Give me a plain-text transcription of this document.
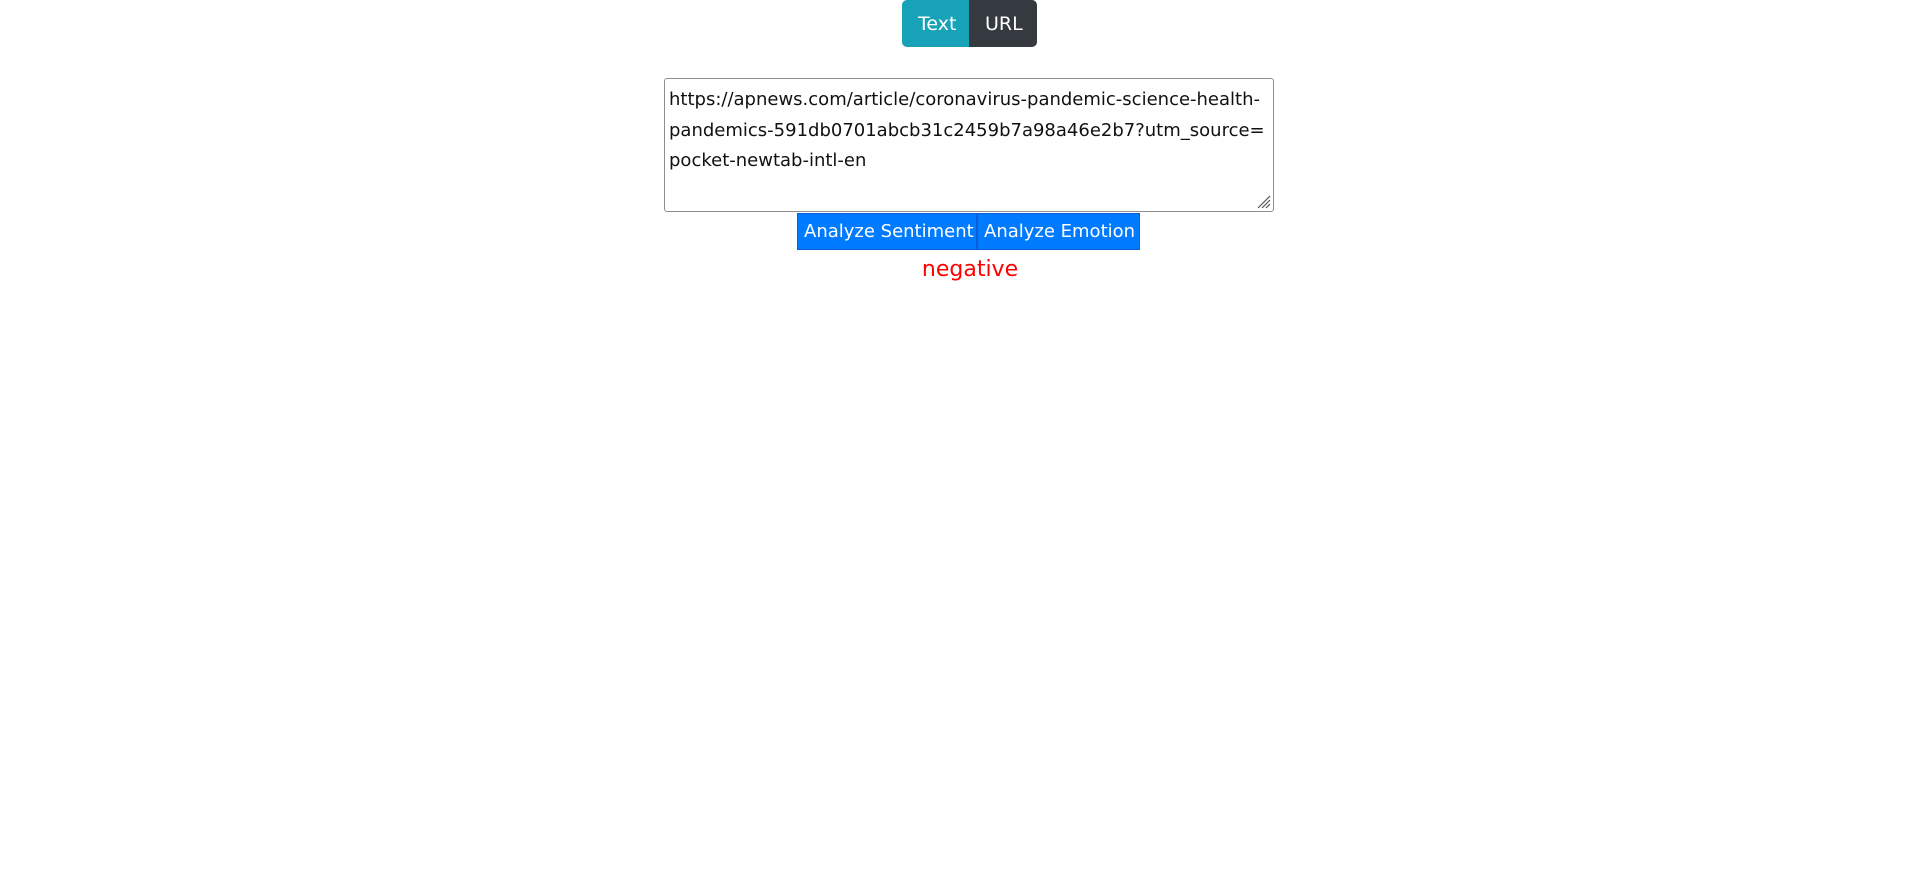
Text	URL
https://apnews.com/article/coronavirus-pandemic-science-health-pandemics-591db0701abcb31c2459b7a98a46e2b7?utm_source=pocket-newtab-intl-en
Analyze Sentiment Analyze Emotion
negative
